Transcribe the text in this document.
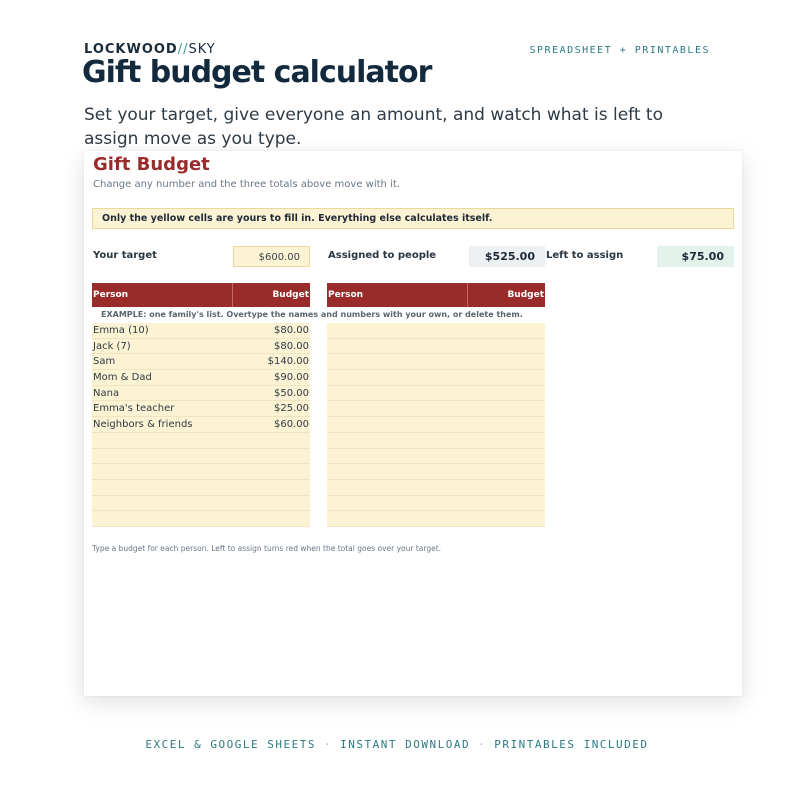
LOCKWOOD//SKY	SPREADSHEET + PRINTABLES
Gift budget calculator

Set your target, give everyone an amount, and watch what is left to assign move as you type.

Gift Budget
Change any number and the three totals above move with it.
Only the yellow cells are yours to fill in. Everything else calculates itself.
Your target	$600.00	Assigned to people	$525.00	Left to assign	$75.00
Person	Budget Person	Budget
EXAMPLE: one family's list. Overtype the names and numbers with your own, or delete them.
Emma (10)	$80.00
Jack (7)	$80.00
Sam	$140.00
Mom & Dad	$90.00
Nana	$50.00
Emma's teacher	$25.00
Neighbors & friends	$60.00
Type a budget for each person. Left to assign turns red when the total goes over your target.
EXCEL & GOOGLE SHEETS · INSTANT DOWNLOAD · PRINTABLES INCLUDED
